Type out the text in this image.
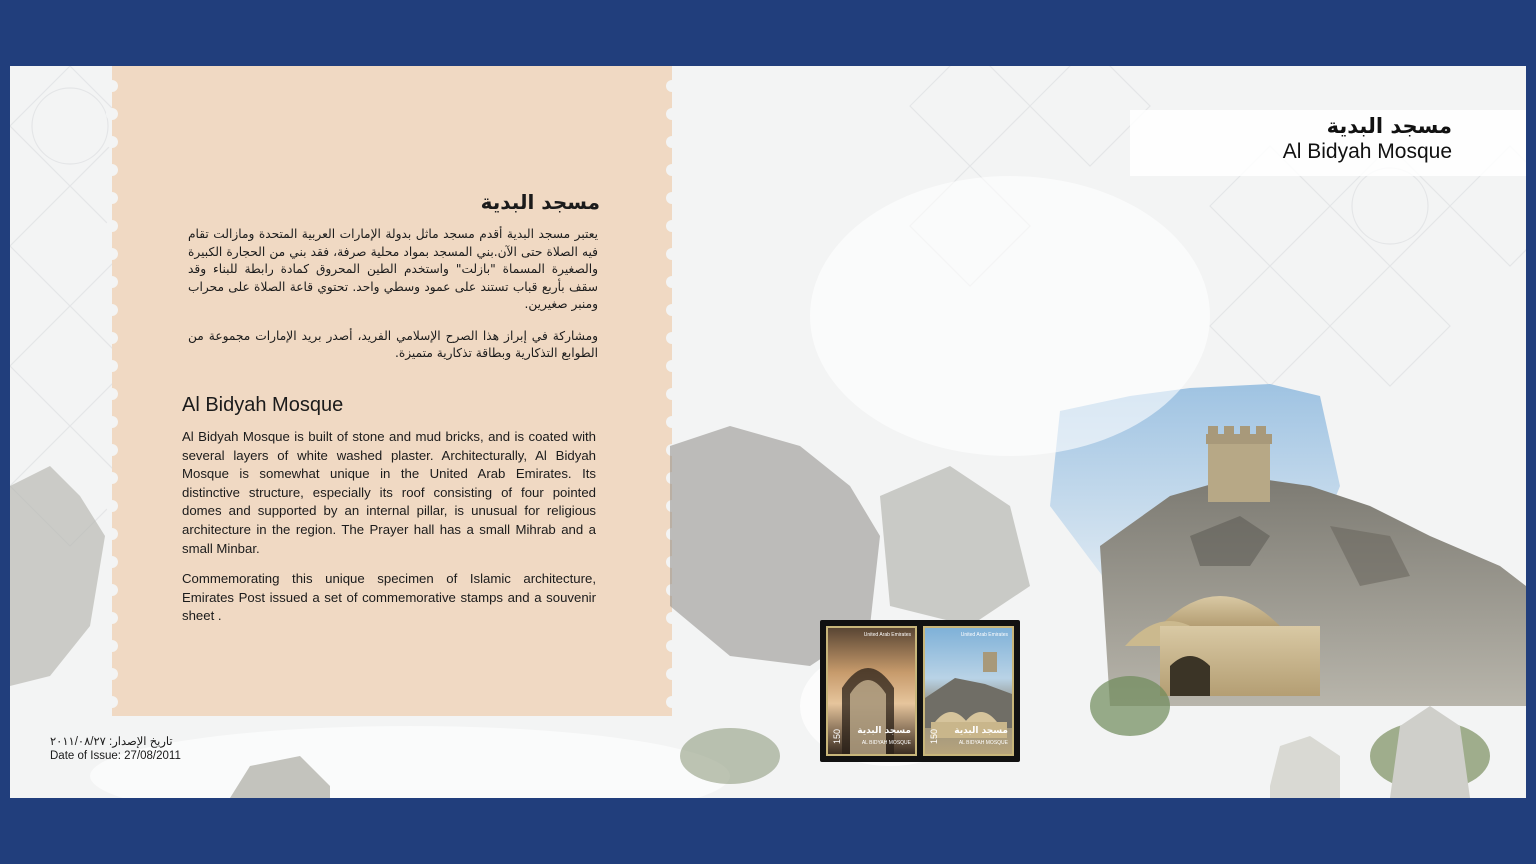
مسجد البدية

يعتبر مسجد البدية أقدم مسجد ماثل بدولة الإمارات العربية المتحدة ومازالت تقام فيه الصلاة حتى الآن.بني المسجد بمواد محلية صرفة، فقد بني من الحجارة الكبيرة والصغيرة المسماة "بازلت" واستخدم الطين المحروق كمادة رابطة للبناء وقد سقف بأربع قباب تستند على عمود وسطي واحد. تحتوي قاعة الصلاة على محراب ومنبر صغيرين.

ومشاركة في إبراز هذا الصرح الإسلامي الفريد، أصدر بريد الإمارات مجموعة من الطوابع التذكارية وبطاقة تذكارية متميزة.

Al Bidyah Mosque

Al Bidyah Mosque is built of stone and mud bricks, and is coated with several layers of white washed plaster. Architecturally, Al Bidyah Mosque is somewhat unique in the United Arab Emirates. Its distinctive structure, especially its roof consisting of four pointed domes and supported by an internal pillar, is unusual for religious architecture in the region. The Prayer hall has a small Mihrab and a small Minbar.

Commemorating this unique specimen of Islamic architecture, Emirates Post issued a set of commemorative stamps and a souvenir sheet .

تاريخ الإصدار: ٢٠١١/٠٨/٢٧
Date of Issue: 27/08/2011
مسجد البدية
Al Bidyah Mosque
United Arab Emirates
مسجد البدية
AL BIDYAH MOSQUE
150
United Arab Emirates
مسجد البدية
AL BIDYAH MOSQUE
150
